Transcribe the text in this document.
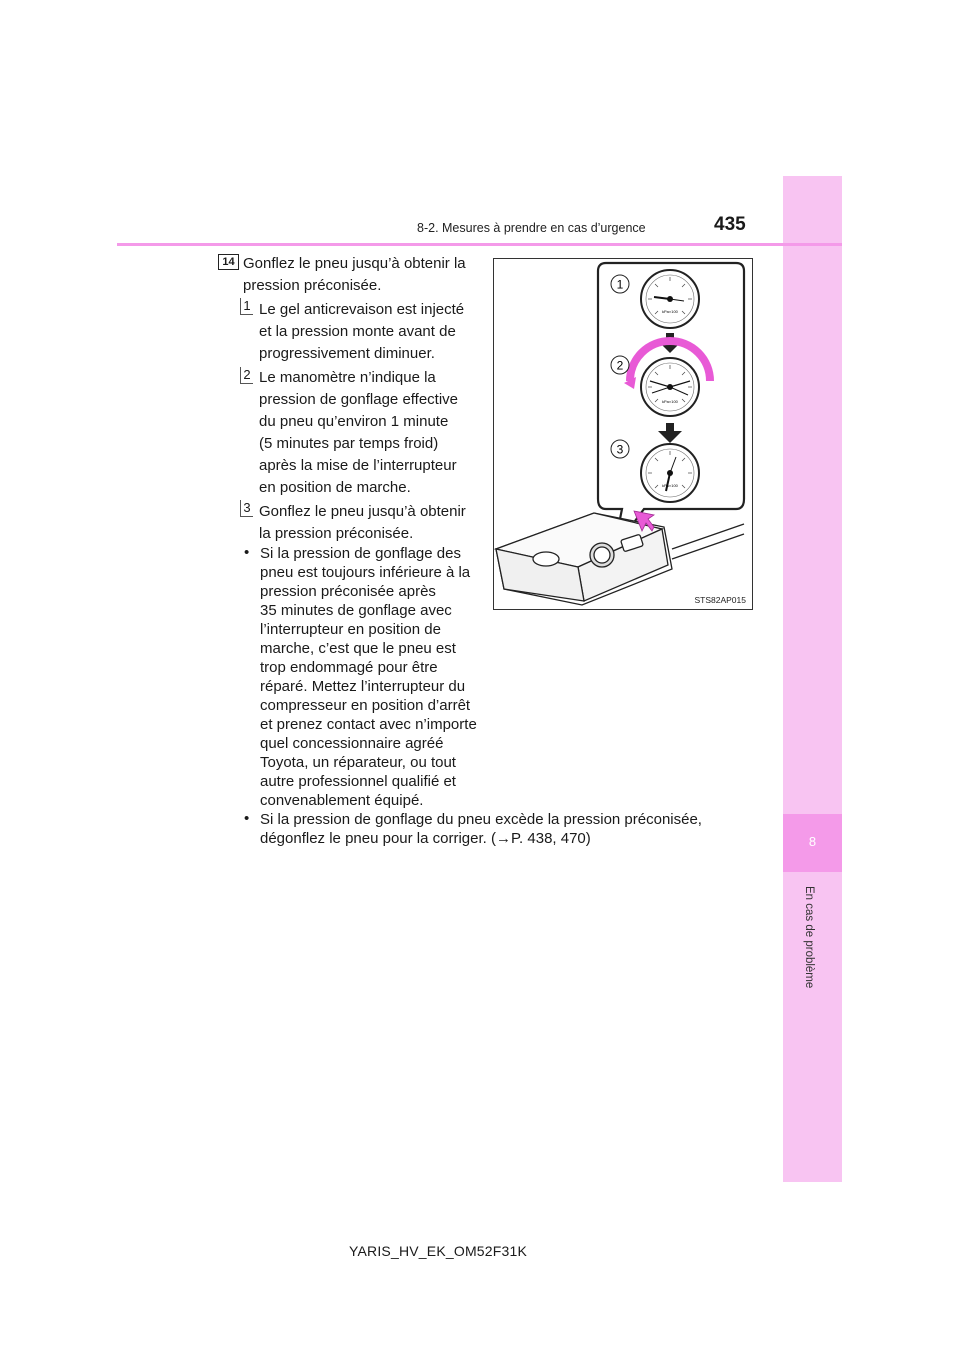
8
En cas de problème
8-2. Mesures à prendre en cas d’urgence	435
14 Gonflez le pneu jusqu’à obtenir la
pression préconisée.
1 Le gel anticrevaison est injecté
et la pression monte avant de
progressivement diminuer.
2 Le manomètre n’indique la
pression de gonflage effective
du pneu qu’environ 1 minute
(5 minutes par temps froid)
après la mise de l’interrupteur
en position de marche.
3 Gonflez le pneu jusqu’à obtenir
la pression préconisée.
• Si la pression de gonflage des
pneu est toujours inférieure à la
pression préconisée après
35 minutes de gonflage avec
l’interrupteur en position de
marche, c’est que le pneu est
trop endommagé pour être
réparé. Mettez l’interrupteur du
compresseur en position d’arrêt
et prenez contact avec n’importe
quel concessionnaire agréé
Toyota, un réparateur, ou tout
autre professionnel qualifié et
convenablement équipé.
• Si la pression de gonflage du pneu excède la pression préconisée,
dégonflez le pneu pour la corriger. (→P. 438, 470)
kPa×100
kPa×100
kPa×100
1
2
3
STS82AP015
YARIS_HV_EK_OM52F31K
